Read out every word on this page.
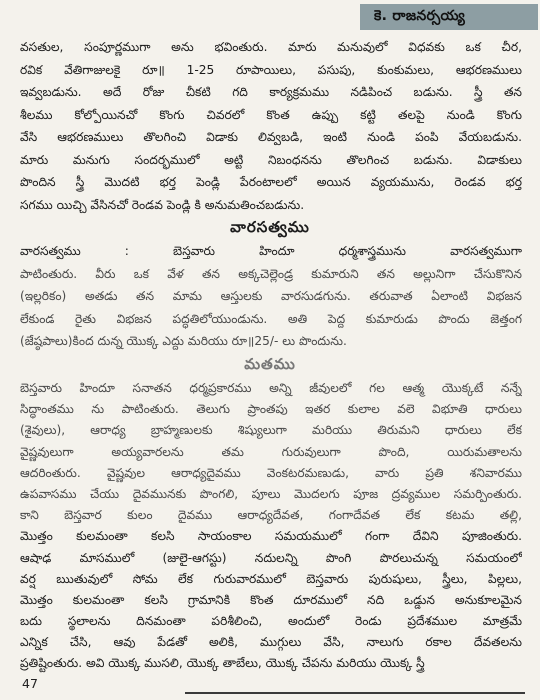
కె. రాజనర్సయ్య
వసతుల, సంపూర్ణముగా అను భవింతురు. మారు మనువులో విధవకు ఒక చీర,
రవిక వేతిగాజులకై రూ॥ 1-25 రూపాయిలు, పసుపు, కుంకుమలు, ఆభరణములు
ఇవ్వబడును. అదే రోజు చీకటి గది కార్యక్రమము నడిపించ బడును. స్త్రీ తన
శీలము కోల్పోయినచో కొంగు చివరలో కొంత ఉప్పు కట్టి తలపై నుండి కొంగు
వేసి ఆభరణములు తొలగించి విడాకు లివ్వబడి, ఇంటి నుండి పంపి వేయబడును.
మారు మనుగు సందర్భములో అట్టి నిబంధనను తొలగించ బడును. విడాకులు
పొందిన స్త్రీ మొదటి భర్త పెండ్లి పేరంటాలలో అయిన వ్యయమును, రెండవ భర్త
సగము యిచ్చి వేసినచో రెండవ పెండ్లి కి అనుమతించబడును.
వారసత్వము
వారసత్వము : బెస్తవారు హిందూ ధర్మశాస్త్రమును వారసత్వముగా
పాటింతురు. వీరు ఒక వేళ తన అక్కచెల్లెండ్ర కుమారుని తన అల్లునిగా చేసుకొనిన
(ఇల్లరికం) అతడు తన మామ ఆస్తులకు వారసుడగును. తరువాత ఏలాంటి విభజన
లేకుండ రైతు విభజన పద్ధతిలోయుండును. అతి పెద్ద కుమారుడు పొందు జెత్తంగ
(జేష్ఠపాలు)కింద దున్న యొక్క ఎద్దు మరియు రూ॥25/- లు పొందును.
మతము
బెస్తవారు హిందూ సనాతన ధర్మప్రకారము అన్ని జీవులలో గల ఆత్మ యొక్కటే నన్నే
సిద్ధాంతము ను పాటింతురు. తెలుగు ప్రాంతపు ఇతర కులాల వలె విభూతి ధారులు
(శైవులు), ఆరాధ్య బ్రాహ్మణులకు శిష్యులుగా మరియు తిరుమని ధారులు లేక
వైష్ణవులుగా అయ్యవారలను తమ గురువులుగా పొంది, యిరుమతాలను
ఆదరింతురు. వైష్ణవుల ఆరాధ్యదైవము వెంకటరమణుడు, వారు ప్రతి శనివారము
ఉపవాసము చేయు దైవమునకు పొంగలి, పూలు మొదలగు పూజ ద్రవ్యముల సమర్పింతురు.
కాని బెస్తవార కులం దైవము ఆరాధ్యదేవత, గంగాదేవత లేక కటమ తల్లి,
మొత్తం కులమంతా కలసి సాయంకాల సమయములో గంగా దేవిని పూజింతురు.
ఆషాఢ మాసములో (జులై-ఆగస్టు) నదులన్ని పొంగి పొరలుచున్న సమయంలో
వర్ష ఋతువులో సోమ లేక గురువారములో బెస్తవారు పురుషులు, స్త్రీలు, పిల్లలు,
మొత్తం కులమంతా కలసి గ్రామానికి కొంత దూరములో నది ఒడ్డున అనుకూలమైన
బదు స్థలాలను దినమంతా పరిశీలించి, అందులో రెండు ప్రదేశముల మాత్రమే
ఎన్నిక చేసి, ఆవు పేడతో అలికి, ముగ్గులు వేసి, నాలుగు రకాల దేవతలను
ప్రతిష్టింతురు. అవి యొక్క ముసలి, యొక్క తాబేలు, యొక్క చేపను మరియు యొక్క స్త్రీ
47
